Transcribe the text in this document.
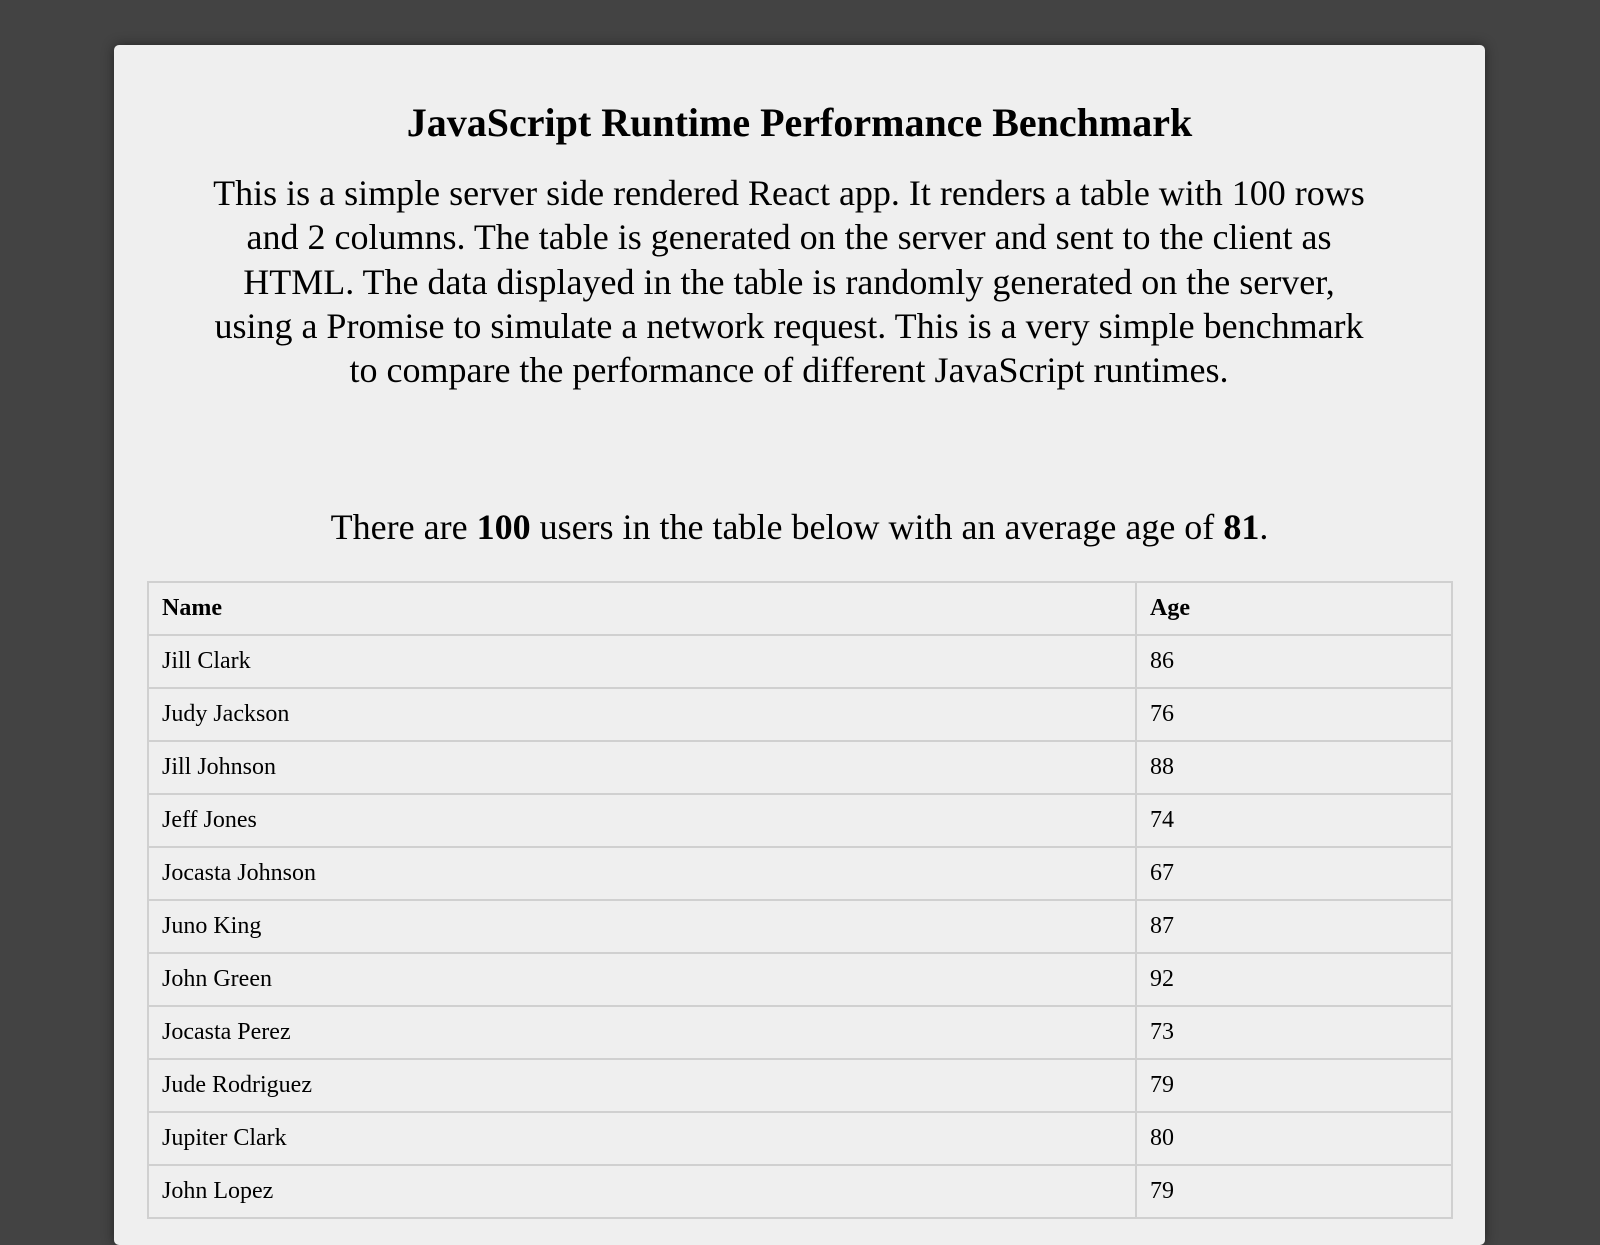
JavaScript Runtime Performance Benchmark

This is a simple server side rendered React app. It renders a table with 100 rows and 2 columns. The table is generated on the server and sent to the client as HTML. The data displayed in the table is randomly generated on the server, using a Promise to simulate a network request. This is a very simple benchmark to compare the performance of different JavaScript runtimes.

There are 100 users in the table below with an average age of 81.

Name	Age
Jill Clark	86
Judy Jackson	76
Jill Johnson	88
Jeff Jones	74
Jocasta Johnson	67
Juno King	87
John Green	92
Jocasta Perez	73
Jude Rodriguez	79
Jupiter Clark	80
John Lopez	79
